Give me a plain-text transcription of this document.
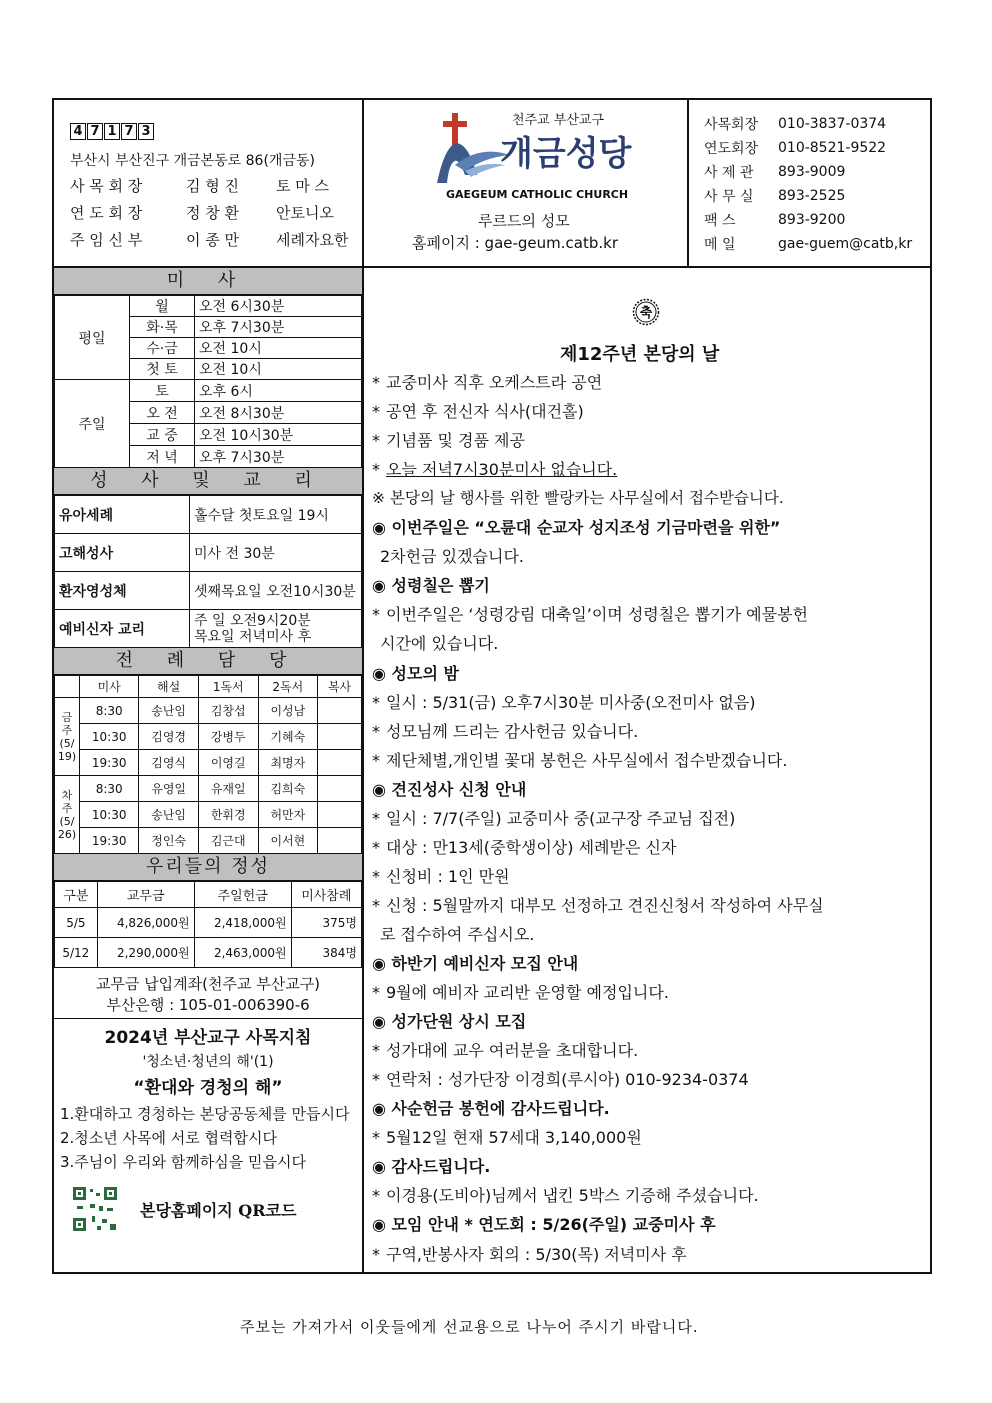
4 7 1 7 3
부산시 부산진구 개금본동로 86(개금동)
사 목 회 장	김 형 진	토 마 스
연 도 회 장	정 창 환	안토니오
주 임 신 부	이 종 만	세례자요한
천주교 부산교구
개금성당
GAEGEUM CATHOLIC CHURCH
루르드의 성모
홈페이지 : gae-geum.catb.kr
사목회장	010-3837-0374
연도회장	010-8521-9522
사 제 관	893-9009
사 무 실	893-2525
팩 스	893-9200
메 일	gae-guem@catb,kr
미 사
평일	월	오전 6시30분
	화·목	오후 7시30분
	수·금	오전 10시
	첫 토	오전 10시
주일	토	오후 6시
	오 전	오전 8시30분
	교 중	오전 10시30분
	저 녁	오후 7시30분
성 사 및 교 리
유아세례	홀수달 첫토요일 19시
고해성사	미사 전 30분
환자영성체	셋째목요일 오전10시30분
예비신자 교리	주 일 오전9시20분
목요일 저녁미사 후
전 례 담 당
	미사	해설	1독서	2독서	복사
금
주
(5/
19)	8:30	송난임	김창섭	이성남	
	10:30	김영경	강병두	기혜숙	
	19:30	김영식	이영길	최명자	
차
주
(5/
26)	8:30	유영일	유재일	김희숙	
	10:30	송난임	한휘경	허만자	
	19:30	정인숙	김근대	이서현	
우리들의 정성
구분	교무금	주일헌금	미사참례
5/5	4,826,000원	2,418,000원	375명
5/12	2,290,000원	2,463,000원	384명
교무금 납입계좌(천주교 부산교구)
부산은행 : 105-01-006390-6
2024년 부산교구 사목지침
'청소년·청년의 해'(1)
“환대와 경청의 해”
1.환대하고 경청하는 본당공동체를 만듭시다
2.청소년 사목에 서로 협력합시다
3.주님이 우리와 함께하심을 믿읍시다
본당홈페이지 QR코드
축
제12주년 본당의 날
* 교중미사 직후 오케스트라 공연
* 공연 후 전신자 식사(대건홀)
* 기념품 및 경품 제공
* 오늘 저녁7시30분미사 없습니다.
※ 본당의 날 행사를 위한 빨랑카는 사무실에서 접수받습니다.
◉ 이번주일은 “오륜대 순교자 성지조성 기금마련을 위한”
2차헌금 있겠습니다.
◉ 성령칠은 뽑기
* 이번주일은 ‘성령강림 대축일’이며 성령칠은 뽑기가 예물봉헌
시간에 있습니다.
◉ 성모의 밤
* 일시 : 5/31(금) 오후7시30분 미사중(오전미사 없음)
* 성모님께 드리는 감사헌금 있습니다.
* 제단체별,개인별 꽃대 봉헌은 사무실에서 접수받겠습니다.
◉ 견진성사 신청 안내
* 일시 : 7/7(주일) 교중미사 중(교구장 주교님 집전)
* 대상 : 만13세(중학생이상) 세례받은 신자
* 신청비 : 1인 만원
* 신청 : 5월말까지 대부모 선정하고 견진신청서 작성하여 사무실
로 접수하여 주십시오.
◉ 하반기 예비신자 모집 안내
* 9월에 예비자 교리반 운영할 예정입니다.
◉ 성가단원 상시 모집
* 성가대에 교우 여러분을 초대합니다.
* 연락처 : 성가단장 이경희(루시아) 010-9234-0374
◉ 사순헌금 봉헌에 감사드립니다.
* 5월12일 현재 57세대 3,140,000원
◉ 감사드립니다.
* 이경용(도비아)님께서 냅킨 5박스 기증해 주셨습니다.
◉ 모임 안내 * 연도회 : 5/26(주일) 교중미사 후
* 구역,반봉사자 회의 : 5/30(목) 저녁미사 후
주보는 가져가서 이웃들에게 선교용으로 나누어 주시기 바랍니다.
